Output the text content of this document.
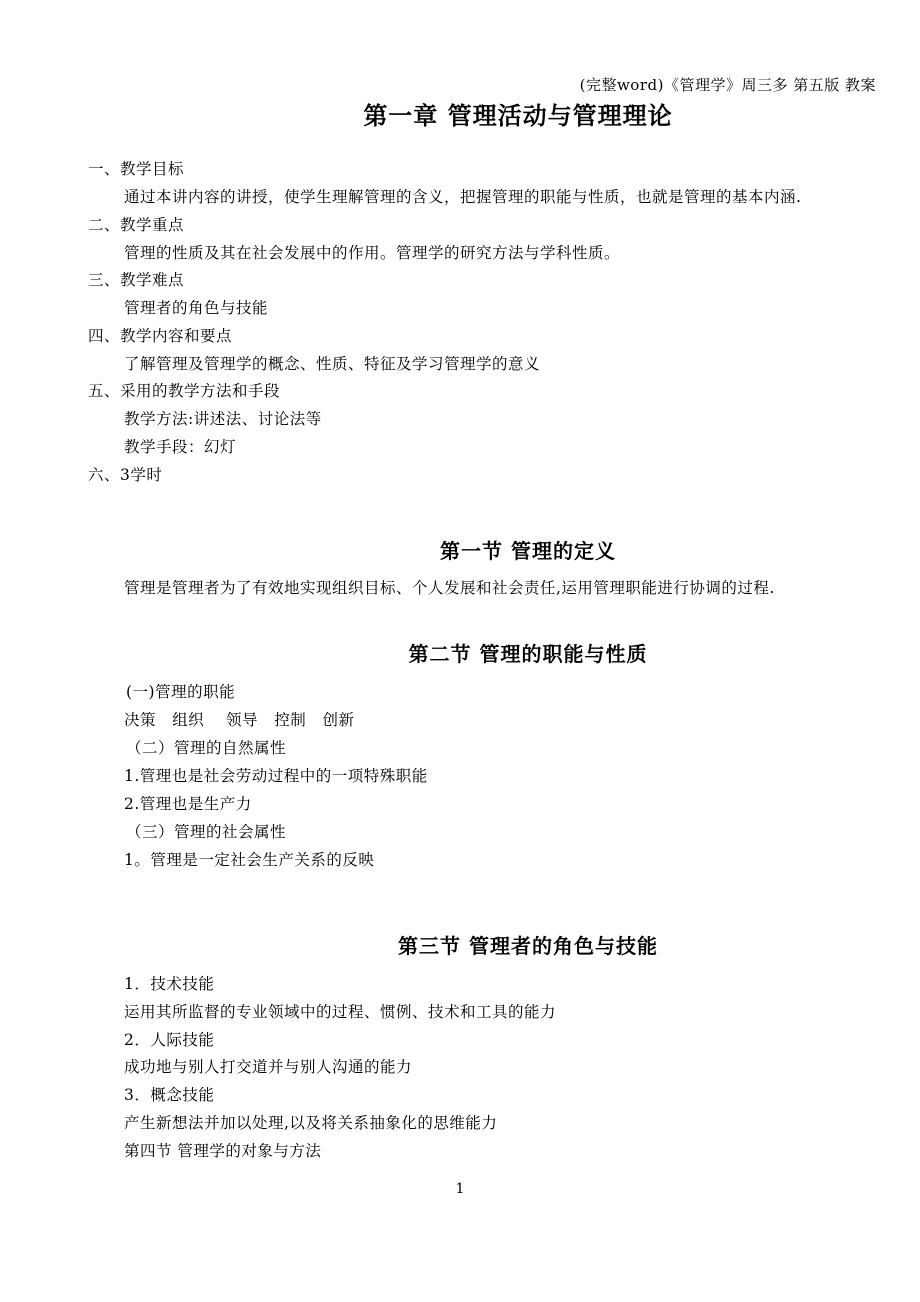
(完整word)《管理学》周三多 第五版 教案
第一章 管理活动与管理理论
一、教学目标
通过本讲内容的讲授，使学生理解管理的含义，把握管理的职能与性质，也就是管理的基本内涵.
二、教学重点
管理的性质及其在社会发展中的作用。管理学的研究方法与学科性质。
三、教学难点
管理者的角色与技能
四、教学内容和要点
了解管理及管理学的概念、性质、特征及学习管理学的意义
五、采用的教学方法和手段
教学方法:讲述法、讨论法等
教学手段：幻灯
六、3学时
第一节 管理的定义
管理是管理者为了有效地实现组织目标、个人发展和社会责任,运用管理职能进行协调的过程.
第二节 管理的职能与性质
(一)管理的职能
决策   组织    领导   控制   创新
（二）管理的自然属性
1.管理也是社会劳动过程中的一项特殊职能
2.管理也是生产力
（三）管理的社会属性
1。管理是一定社会生产关系的反映
第三节 管理者的角色与技能
1．技术技能
运用其所监督的专业领域中的过程、惯例、技术和工具的能力
2．人际技能
成功地与别人打交道并与别人沟通的能力
3．概念技能
产生新想法并加以处理,以及将关系抽象化的思维能力
第四节 管理学的对象与方法
1
